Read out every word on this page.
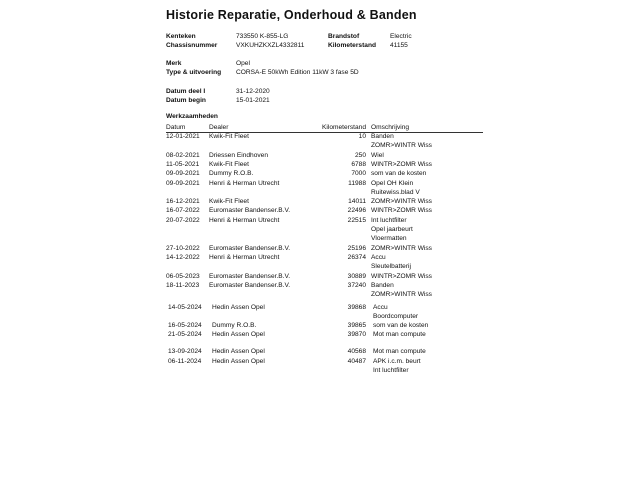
Historie Reparatie, Onderhoud & Banden
Kenteken	733550 K-855-LG	Brandstof	Electric
Chassisnummer	VXKUHZKXZL4332811	Kilometerstand 41155
Merk	Opel
Type & uitvoering CORSA-E 50kWh Edition 11kW 3 fase 5D
Datum deel I	31-12-2020
Datum begin	15-01-2021
Werkzaamheden
Datum	Dealer	Kilometerstand Omschrijving
12-01-2021 Kwik-Fit Fleet	10 Banden
ZOMR>WINTR Wiss
08-02-2021 Driessen Eindhoven	250 Wiel
11-05-2021 Kwik-Fit Fleet	6788 WINTR>ZOMR Wiss
09-09-2021 Dummy R.O.B.	7000 som van de kosten
09-09-2021 Henri & Herman Utrecht	11988 Opel OH Klein
Ruitewiss.blad V
16-12-2021 Kwik-Fit Fleet	14011 ZOMR>WINTR Wiss
16-07-2022 Euromaster Bandenser.B.V.	22496 WINTR>ZOMR Wiss
20-07-2022 Henri & Herman Utrecht	22515 Int luchtfilter
Opel jaarbeurt
Vloermatten
27-10-2022 Euromaster Bandenser.B.V.	25196 ZOMR>WINTR Wiss
14-12-2022 Henri & Herman Utrecht	26374 Accu
Sleutelbatterij
06-05-2023 Euromaster Bandenser.B.V.	30889 WINTR>ZOMR Wiss
18-11-2023 Euromaster Bandenser.B.V.	37240 Banden
ZOMR>WINTR Wiss
14-05-2024 Hedin Assen Opel	39868 Accu
Boordcomputer
16-05-2024 Dummy R.O.B.	39865 som van de kosten
21-05-2024 Hedin Assen Opel	39870 Mot man compute
13-09-2024 Hedin Assen Opel	40568 Mot man compute
06-11-2024 Hedin Assen Opel	40487 APK i.c.m. beurt
Int luchtfilter
